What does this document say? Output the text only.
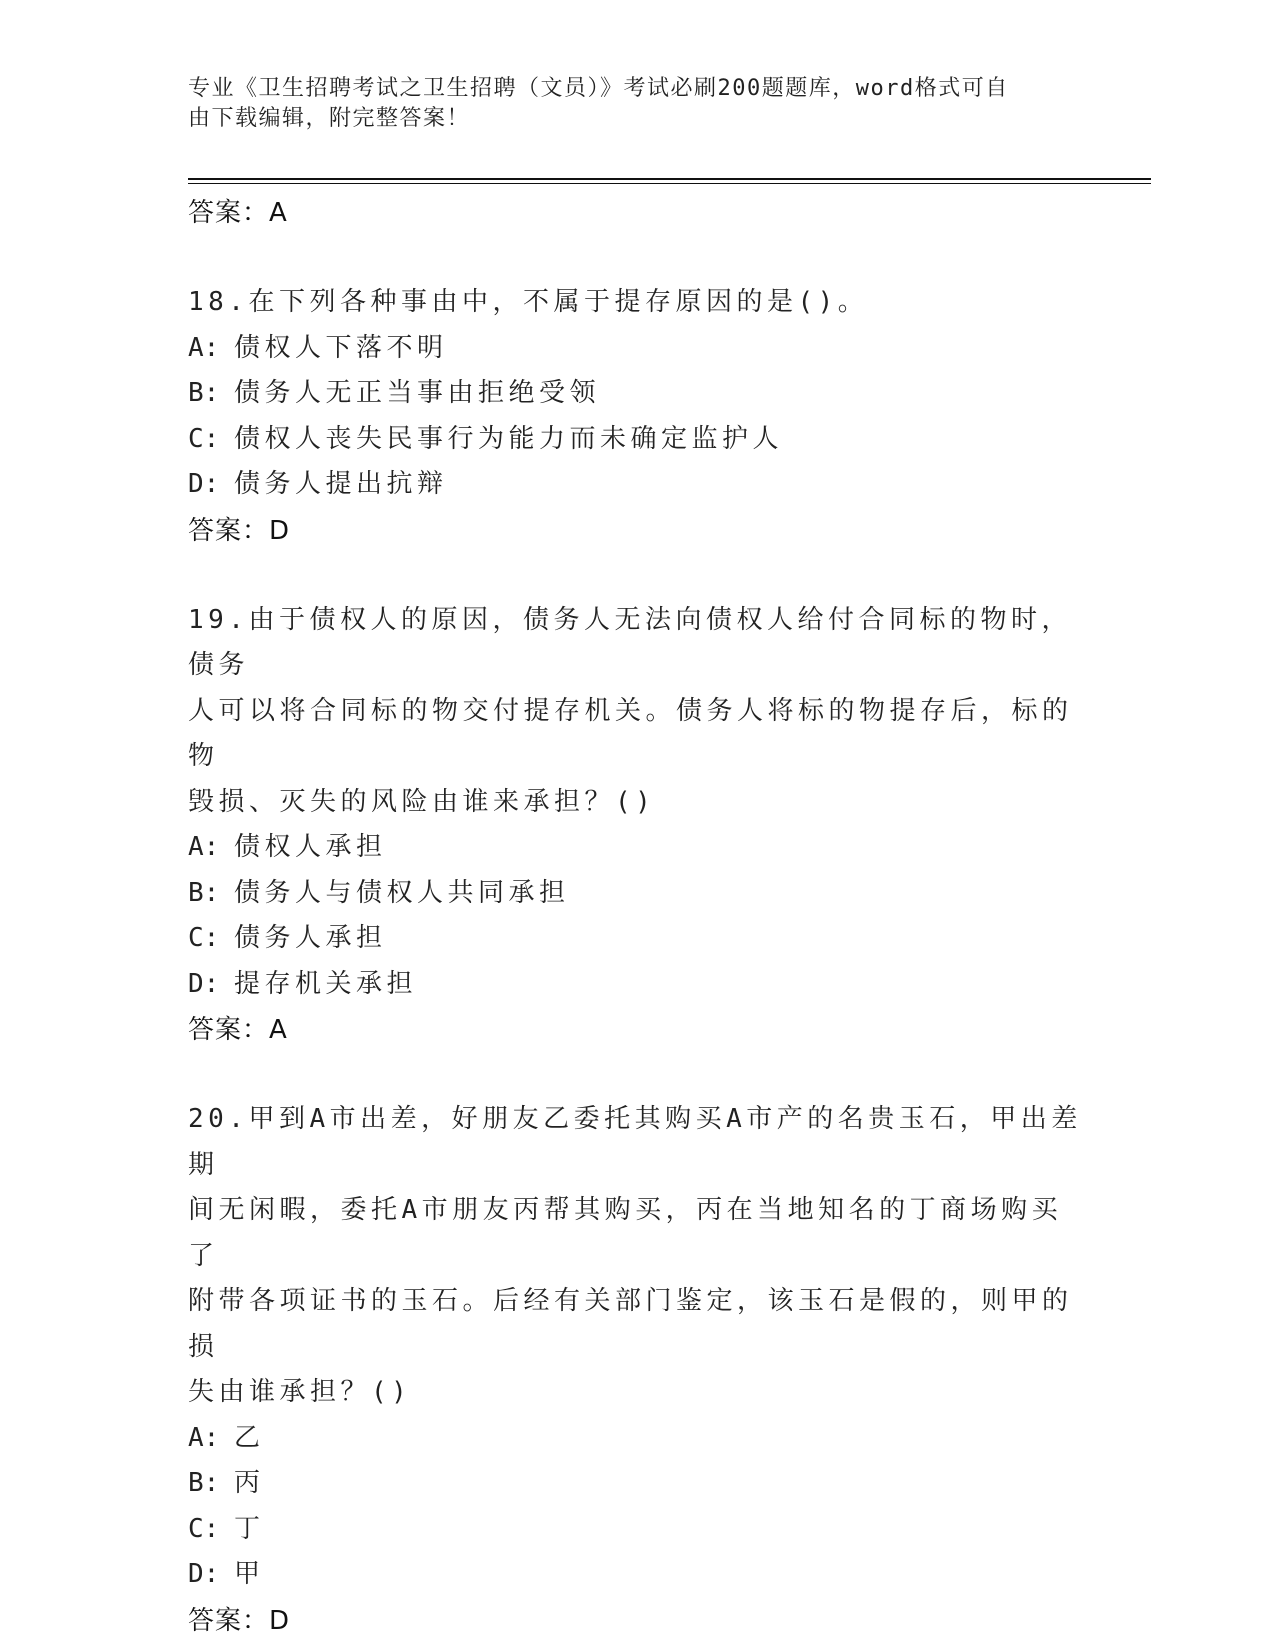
专业《卫生招聘考试之卫生招聘（文员）》考试必刷200题题库，word格式可自
由下载编辑，附完整答案！
答案：A
18.在下列各种事由中，不属于提存原因的是()。
A: 债权人下落不明
B: 债务人无正当事由拒绝受领
C: 债权人丧失民事行为能力而未确定监护人
D: 债务人提出抗辩
答案：D
19.由于债权人的原因，债务人无法向债权人给付合同标的物时，债务
人可以将合同标的物交付提存机关。债务人将标的物提存后，标的物
毁损、灭失的风险由谁来承担？()
A: 债权人承担
B: 债务人与债权人共同承担
C: 债务人承担
D: 提存机关承担
答案：A
20.甲到A市出差，好朋友乙委托其购买A市产的名贵玉石，甲出差期
间无闲暇，委托A市朋友丙帮其购买，丙在当地知名的丁商场购买了
附带各项证书的玉石。后经有关部门鉴定，该玉石是假的，则甲的损
失由谁承担？()
A: 乙
B: 丙
C: 丁
D: 甲
答案：D
